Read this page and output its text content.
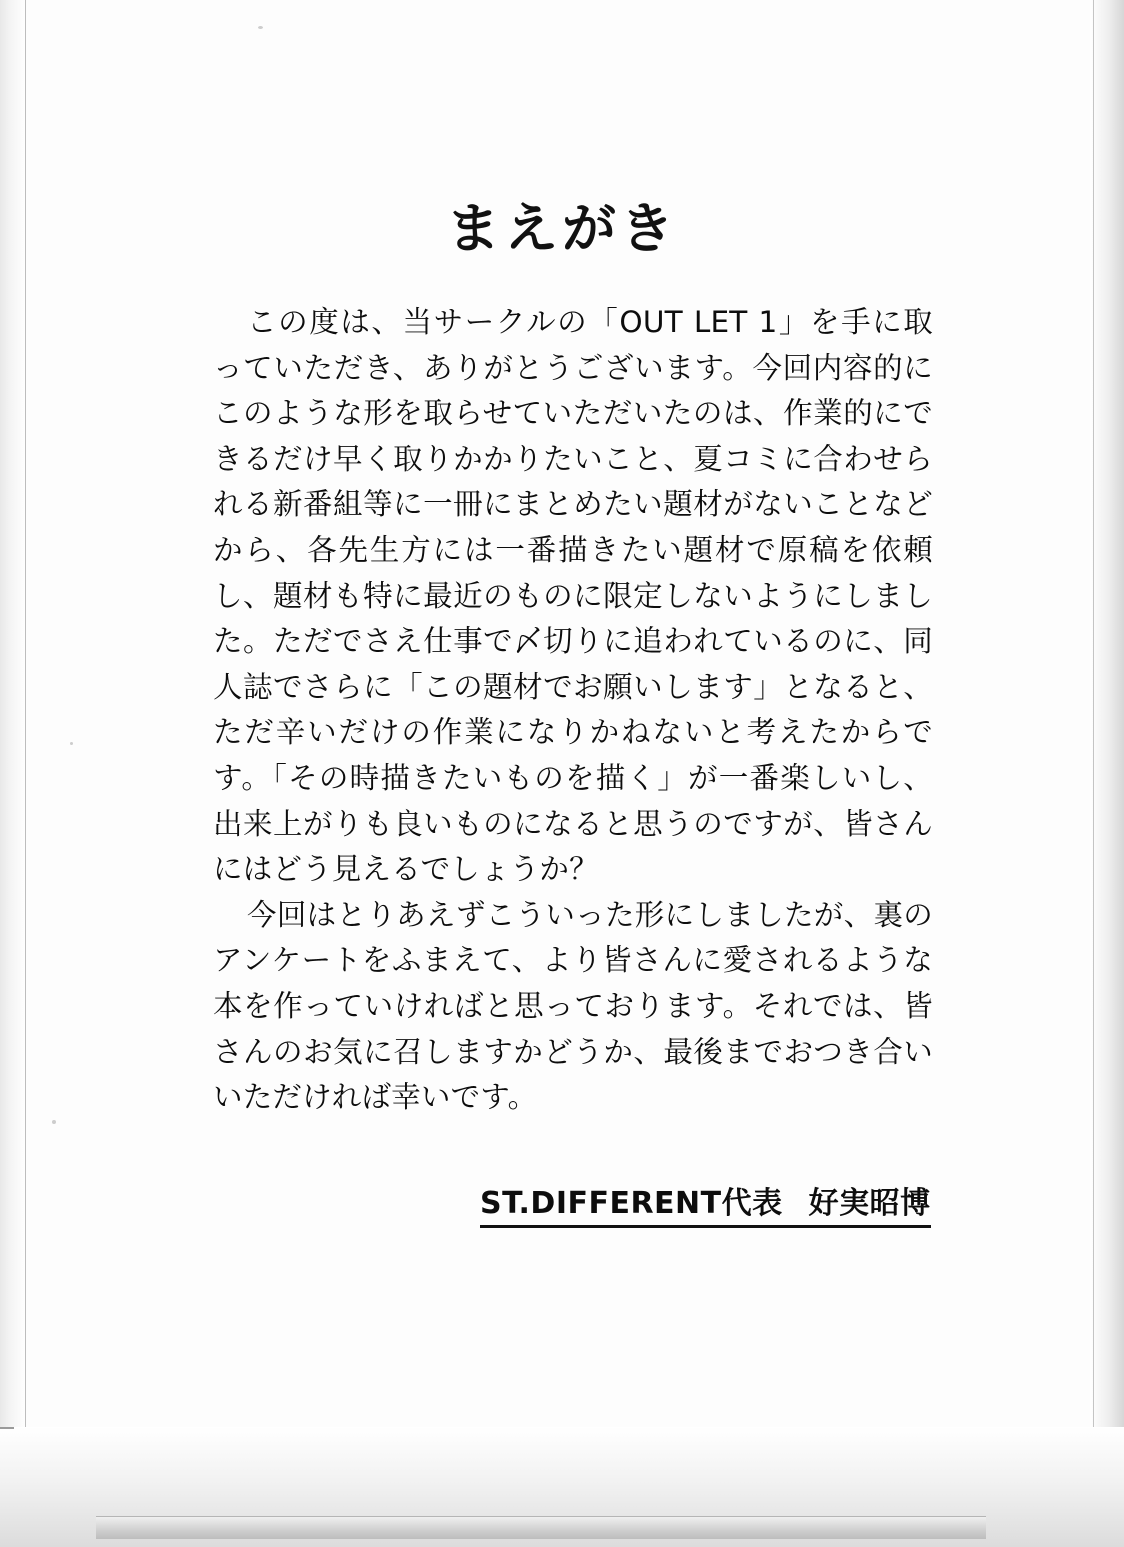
まえがき

この度は、当サークルの「OUT LET 1」を手に取っていただき、ありがとうございます。今回内容的にこのような形を取らせていただいたのは、作業的にできるだけ早く取りかかりたいこと、夏コミに合わせられる新番組等に一冊にまとめたい題材がないことなどから、各先生方には一番描きたい題材で原稿を依頼し、題材も特に最近のものに限定しないようにしました。ただでさえ仕事で〆切りに追われているのに、同人誌でさらに「この題材でお願いします」となると、ただ辛いだけの作業になりかねないと考えたからです。「その時描きたいものを描く」が一番楽しいし、出来上がりも良いものになると思うのですが、皆さんにはどう見えるでしょうか？

今回はとりあえずこういった形にしましたが、裏のアンケートをふまえて、より皆さんに愛されるような本を作っていければと思っております。それでは、皆さんのお気に召しますかどうか、最後までおつき合いいただければ幸いです。

ST.DIFFERENT代表 好実昭博
